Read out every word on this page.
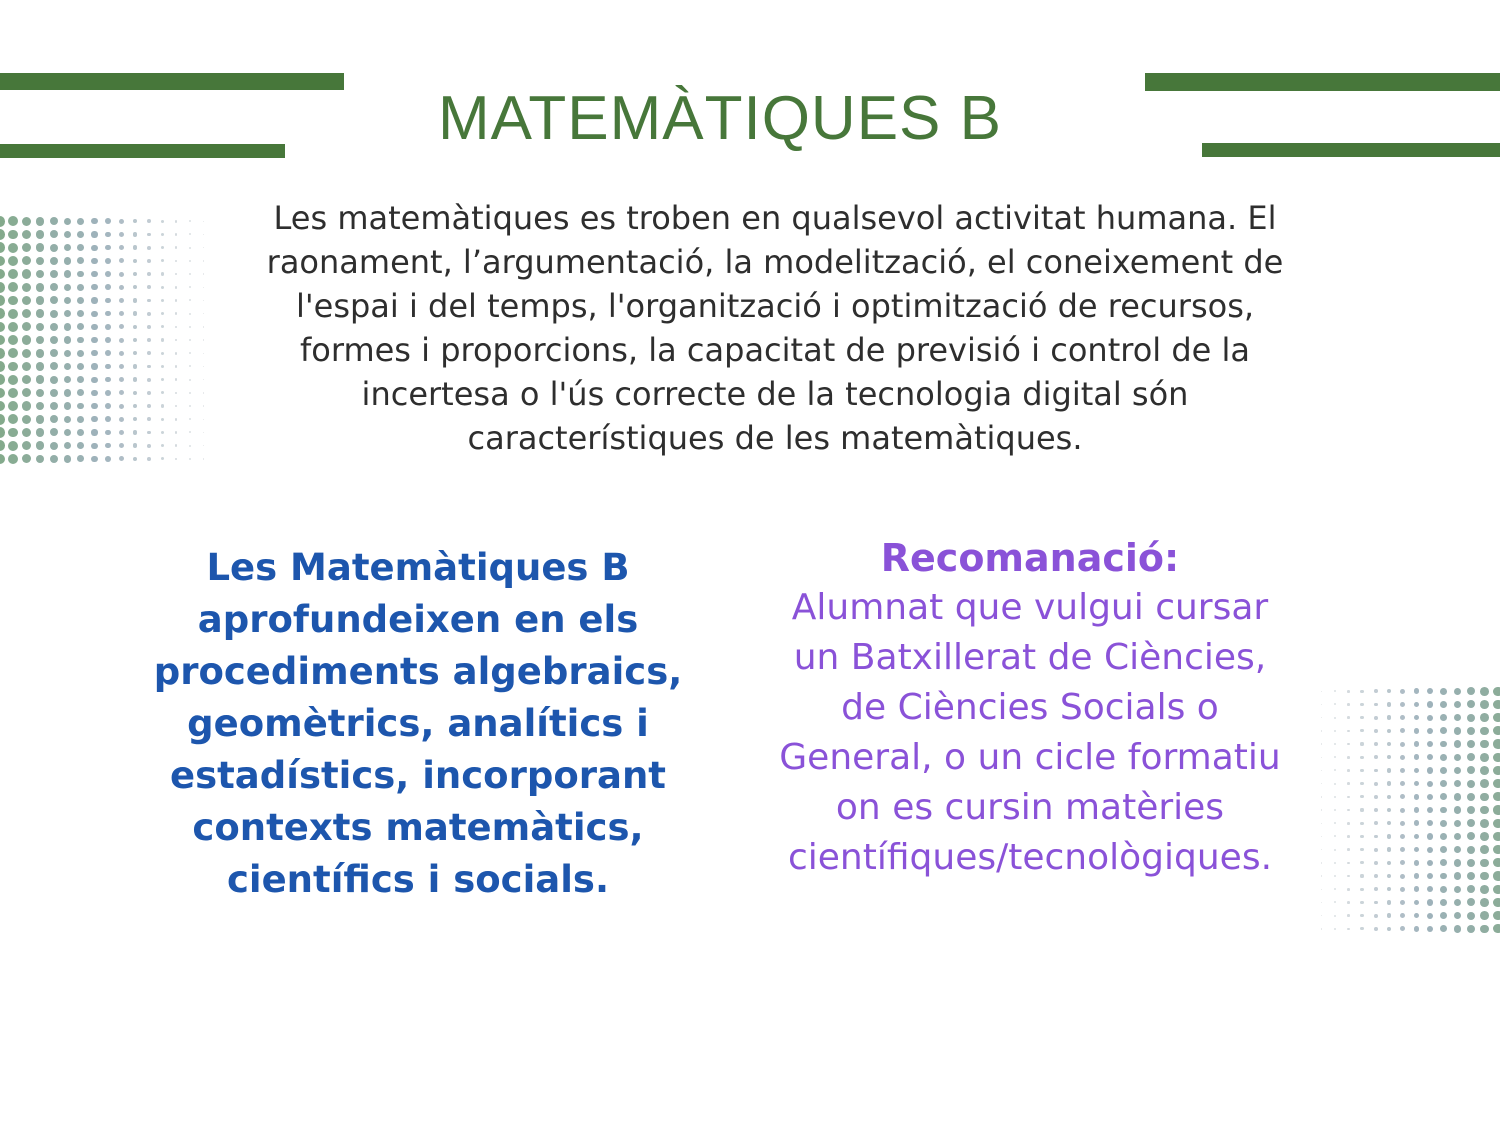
MATEMÀTIQUES B
Les matemàtiques es troben en qualsevol activitat humana. El
raonament, l’argumentació, la modelització, el coneixement de
l'espai i del temps, l'organització i optimització de recursos,
formes i proporcions, la capacitat de previsió i control de la
incertesa o l'ús correcte de la tecnologia digital són
característiques de les matemàtiques.
Les Matemàtiques B
aprofundeixen en els
procediments algebraics,
geomètrics, analítics i
estadístics, incorporant
contexts matemàtics,
científics i socials.
Recomanació:
Alumnat que vulgui cursar
un Batxillerat de Ciències,
de Ciències Socials o
General, o un cicle formatiu
on es cursin matèries
científiques/tecnològiques.
